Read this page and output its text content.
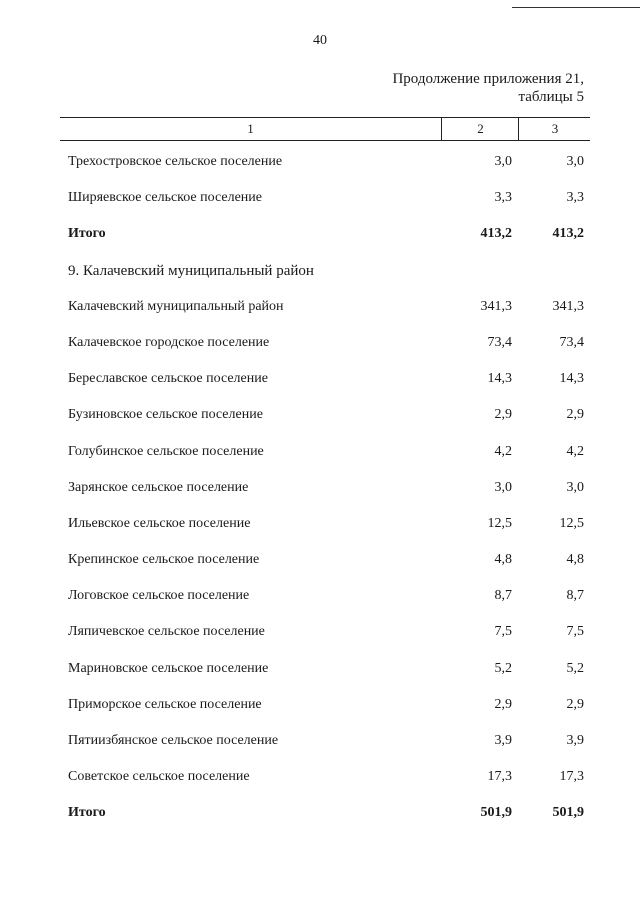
40
Продолжение приложения 21,
таблицы 5
1	2	3
Трехостровское сельское поселение	3,0	3,0
Ширяевское сельское поселение	3,3	3,3
Итого	413,2	413,2
9. Калачевский муниципальный район
Калачевский муниципальный район	341,3	341,3
Калачевское городское поселение	73,4	73,4
Береславское сельское поселение	14,3	14,3
Бузиновское сельское поселение	2,9	2,9
Голубинское сельское поселение	4,2	4,2
Зарянское сельское поселение	3,0	3,0
Ильевское сельское поселение	12,5	12,5
Крепинское сельское поселение	4,8	4,8
Логовское сельское поселение	8,7	8,7
Ляпичевское сельское поселение	7,5	7,5
Мариновское сельское поселение	5,2	5,2
Приморское сельское поселение	2,9	2,9
Пятиизбянское сельское поселение	3,9	3,9
Советское сельское поселение	17,3	17,3
Итого	501,9	501,9
